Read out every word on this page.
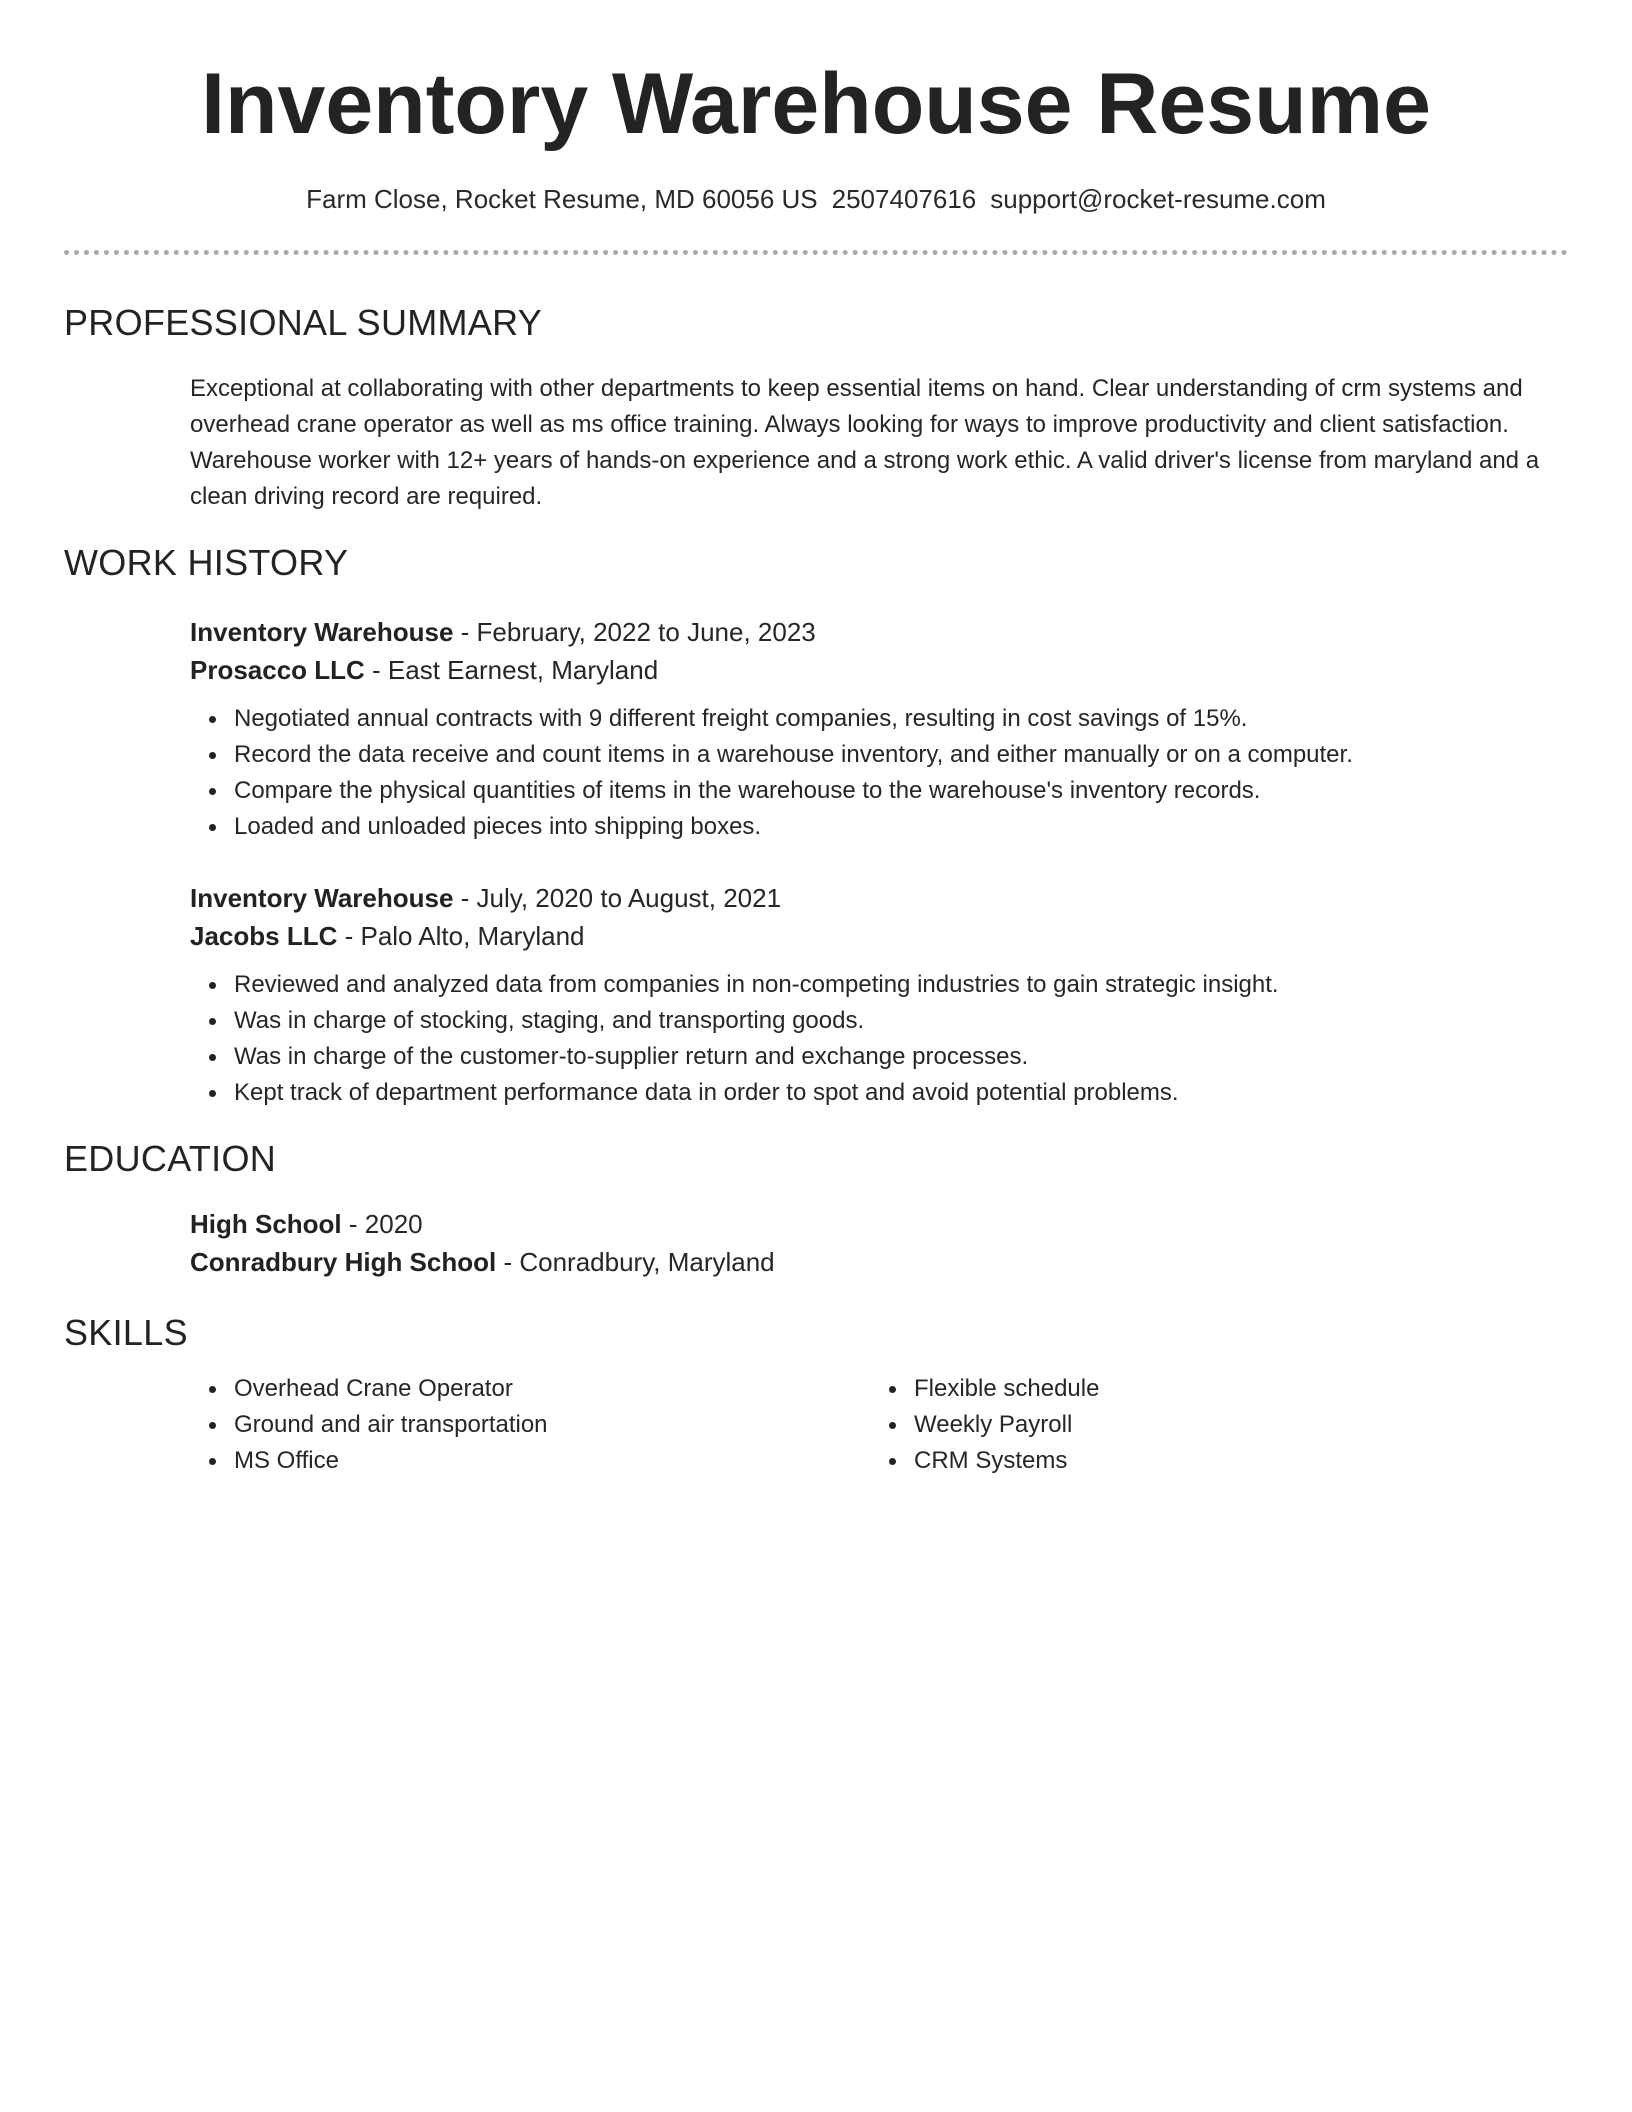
Inventory Warehouse Resume
Farm Close, Rocket Resume, MD 60056 US 2507407616 support@rocket-resume.com
PROFESSIONAL SUMMARY
Exceptional at collaborating with other departments to keep essential items on hand. Clear understanding of crm systems and overhead crane operator as well as ms office training. Always looking for ways to improve productivity and client satisfaction. Warehouse worker with 12+ years of hands-on experience and a strong work ethic. A valid driver's license from maryland and a clean driving record are required.
WORK HISTORY
Inventory Warehouse - February, 2022 to June, 2023
Prosacco LLC - East Earnest, Maryland
Negotiated annual contracts with 9 different freight companies, resulting in cost savings of 15%.
Record the data receive and count items in a warehouse inventory, and either manually or on a computer.
Compare the physical quantities of items in the warehouse to the warehouse's inventory records.
Loaded and unloaded pieces into shipping boxes.
Inventory Warehouse - July, 2020 to August, 2021
Jacobs LLC - Palo Alto, Maryland
Reviewed and analyzed data from companies in non-competing industries to gain strategic insight.
Was in charge of stocking, staging, and transporting goods.
Was in charge of the customer-to-supplier return and exchange processes.
Kept track of department performance data in order to spot and avoid potential problems.
EDUCATION
High School - 2020
Conradbury High School - Conradbury, Maryland
SKILLS
Overhead Crane Operator
Ground and air transportation
MS Office
Flexible schedule
Weekly Payroll
CRM Systems
